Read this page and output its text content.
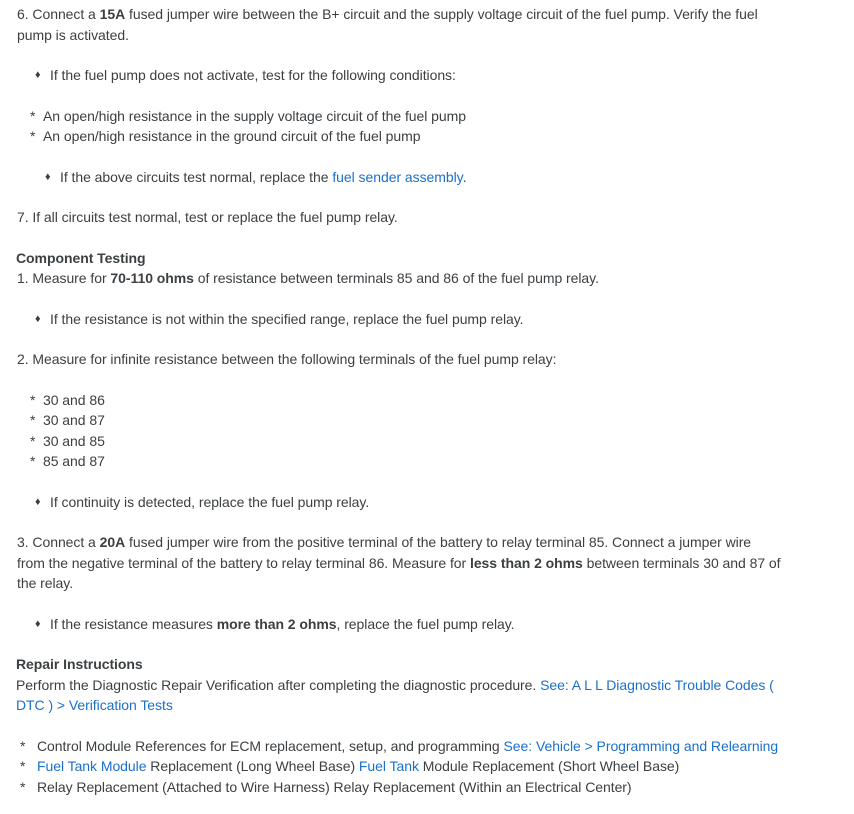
6. Connect a 15A fused jumper wire between the B+ circuit and the supply voltage circuit of the fuel pump. Verify the fuel
pump is activated.
♦ If the fuel pump does not activate, test for the following conditions:
* An open/high resistance in the supply voltage circuit of the fuel pump
* An open/high resistance in the ground circuit of the fuel pump
♦ If the above circuits test normal, replace the fuel sender assembly.
7. If all circuits test normal, test or replace the fuel pump relay.
Component Testing
1. Measure for 70-110 ohms of resistance between terminals 85 and 86 of the fuel pump relay.
♦ If the resistance is not within the specified range, replace the fuel pump relay.
2. Measure for infinite resistance between the following terminals of the fuel pump relay:
* 30 and 86
* 30 and 87
* 30 and 85
* 85 and 87
♦ If continuity is detected, replace the fuel pump relay.
3. Connect a 20A fused jumper wire from the positive terminal of the battery to relay terminal 85. Connect a jumper wire
from the negative terminal of the battery to relay terminal 86. Measure for less than 2 ohms between terminals 30 and 87 of
the relay.
♦ If the resistance measures more than 2 ohms, replace the fuel pump relay.
Repair Instructions
Perform the Diagnostic Repair Verification after completing the diagnostic procedure. See: A L L Diagnostic Trouble Codes (
DTC ) > Verification Tests
* Control Module References for ECM replacement, setup, and programming See: Vehicle > Programming and Relearning
* Fuel Tank Module Replacement (Long Wheel Base) Fuel Tank Module Replacement (Short Wheel Base)
* Relay Replacement (Attached to Wire Harness) Relay Replacement (Within an Electrical Center)
